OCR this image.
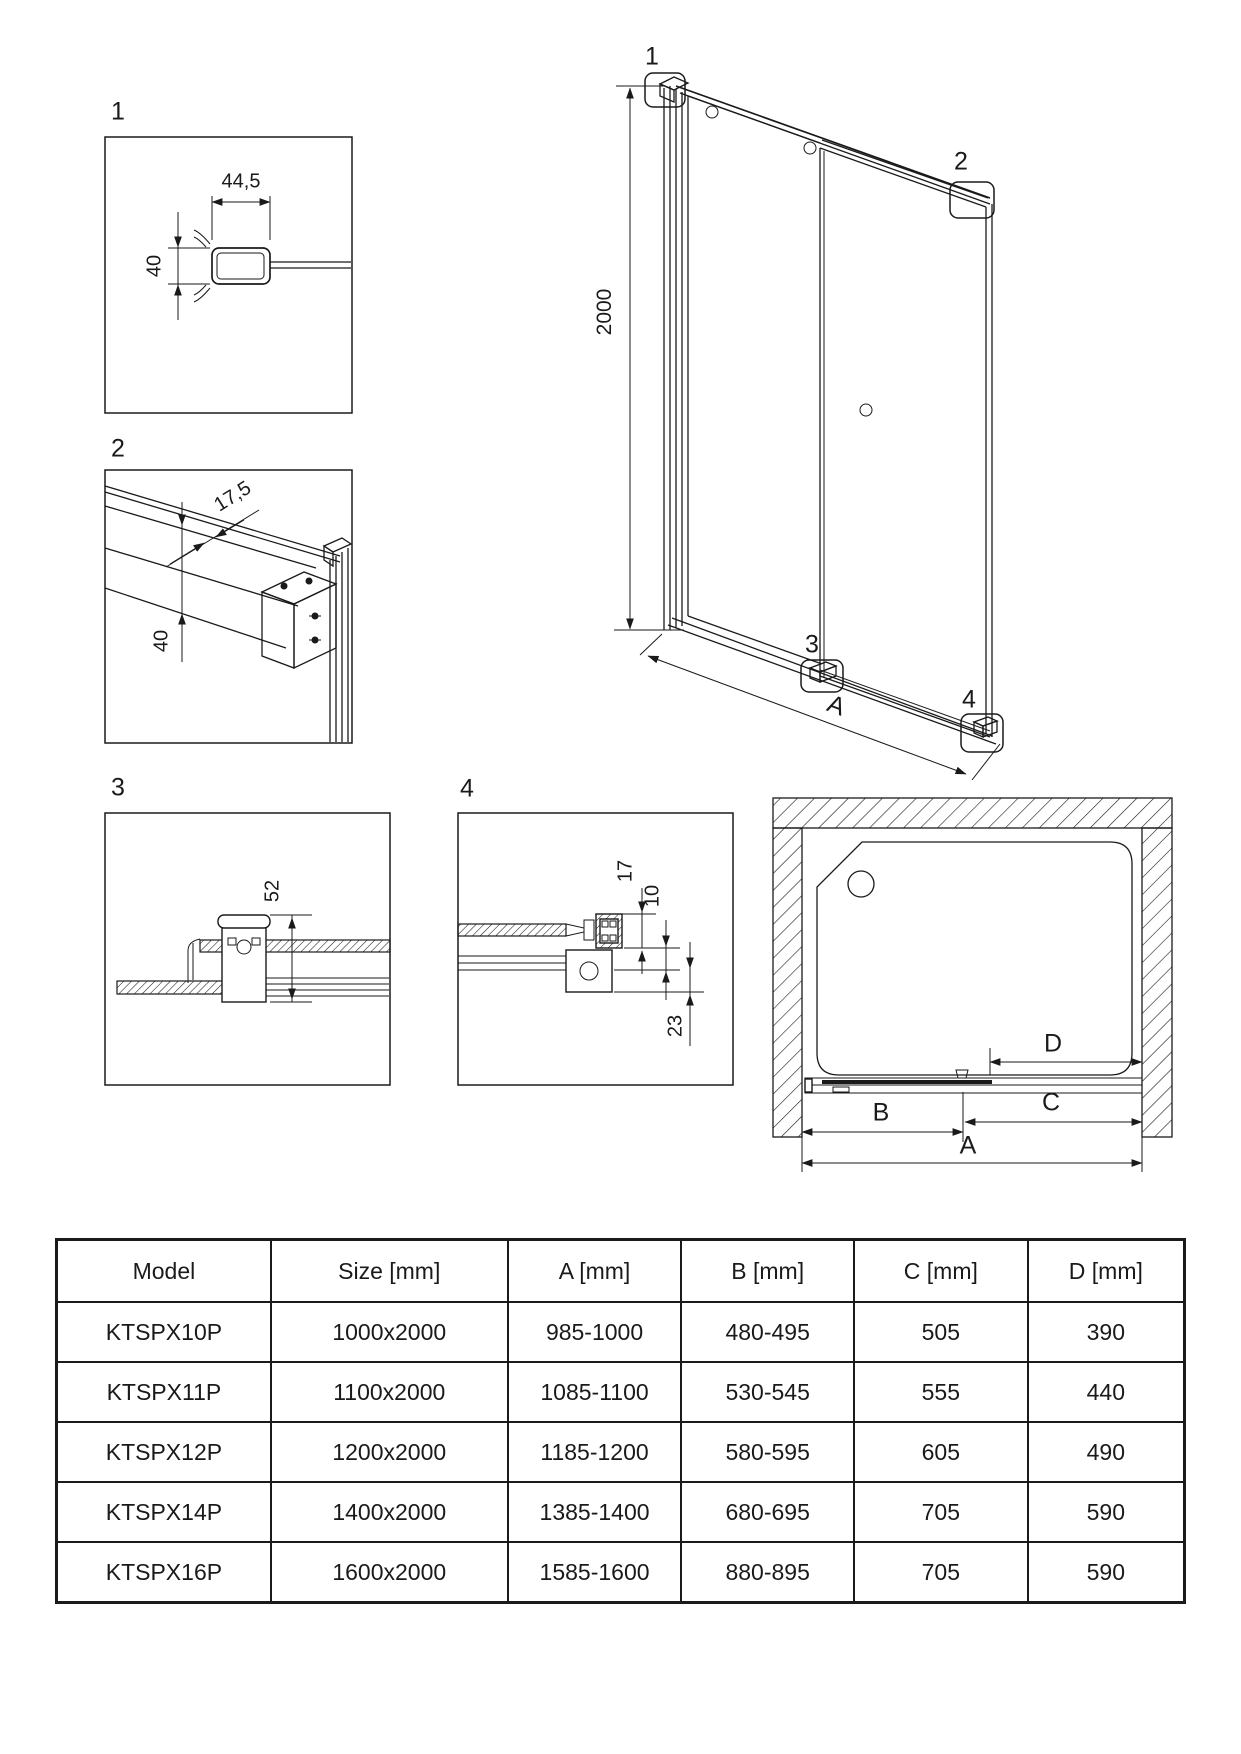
1
44,5
40
2
17,5
40
3
52
4
17
10
23
2000
1
2
3
4
A
D
B	C
A
Model	Size [mm]	A [mm]	B [mm]	C [mm]	D [mm]
KTSPX10P	1000x2000	985-1000	480-495	505	390
KTSPX11P	1100x2000	1085-1100	530-545	555	440
KTSPX12P	1200x2000	1185-1200	580-595	605	490
KTSPX14P	1400x2000	1385-1400	680-695	705	590
KTSPX16P	1600x2000	1585-1600	880-895	705	590
